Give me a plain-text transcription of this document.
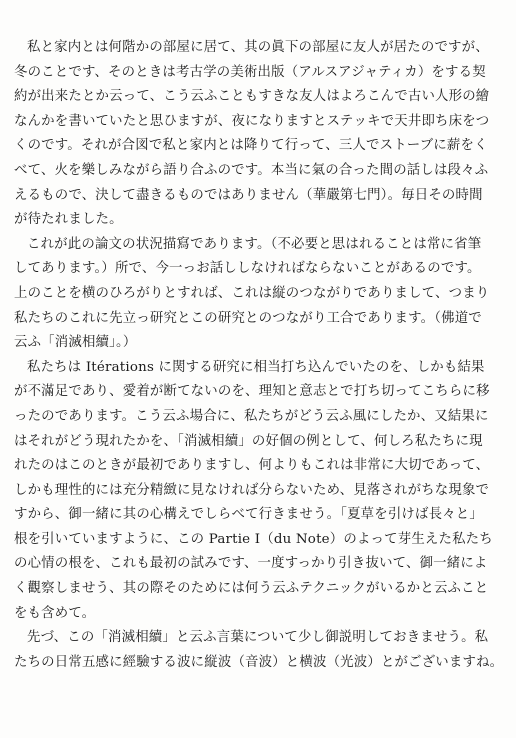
私と家内とは何階かの部屋に居て、其の眞下の部屋に友人が居たのですが、
冬のことです、そのときは考古学の美術出版（アルスアジャティカ）をする契
約が出来たとか云って、こう云ふこともすきな友人はよろこんで古い人形の繪
なんかを書いていたと思ひますが、夜になりますとステッキで天井即ち床をつ
くのです。それが合図で私と家内とは降りて行って、三人でストーブに薪をく
べて、火を樂しみながら語り合ふのです。本当に氣の合った間の話しは段々ふ
えるもので、決して盡きるものではありません（華嚴第七門）。毎日その時間
が待たれました。
これが此の論文の状況描寫であります。（不必要と思はれることは常に省筆
してあります。）所で、今一っお話ししなければならないことがあるのです。
上のことを横のひろがりとすれば、これは縦のつながりでありまして、つまり
私たちのこれに先立っ研究とこの研究とのつながり工合であります。（佛道で
云ふ「消滅相續」。）
私たちは Itérations に関する研究に相当打ち込んでいたのを、しかも結果
が不滿足であり、愛着が断てないのを、理知と意志とで打ち切ってこちらに移
ったのであります。こう云ふ場合に、私たちがどう云ふ風にしたか、又結果に
はそれがどう現れたかを、「消滅相續」の好個の例として、何しろ私たちに現
れたのはこのときが最初でありますし、何よりもこれは非常に大切であって、
しかも理性的には充分精緻に見なければ分らないため、見落されがちな現象で
すから、御一緒に其の心構えでしらべて行きませう。「夏草を引けば長々と」
根を引いていますように、この Partie I（du Note）のよって芽生えた私たち
の心情の根を、これも最初の試みです、一度すっかり引き抜いて、御一緒によ
く觀察しませう、其の際そのためには何う云ふテクニックがいるかと云ふこと
をも含めて。
先づ、この「消滅相續」と云ふ言葉について少し御説明しておきませう。私
たちの日常五感に經驗する波に縦波（音波）と横波（光波）とがございますね。
